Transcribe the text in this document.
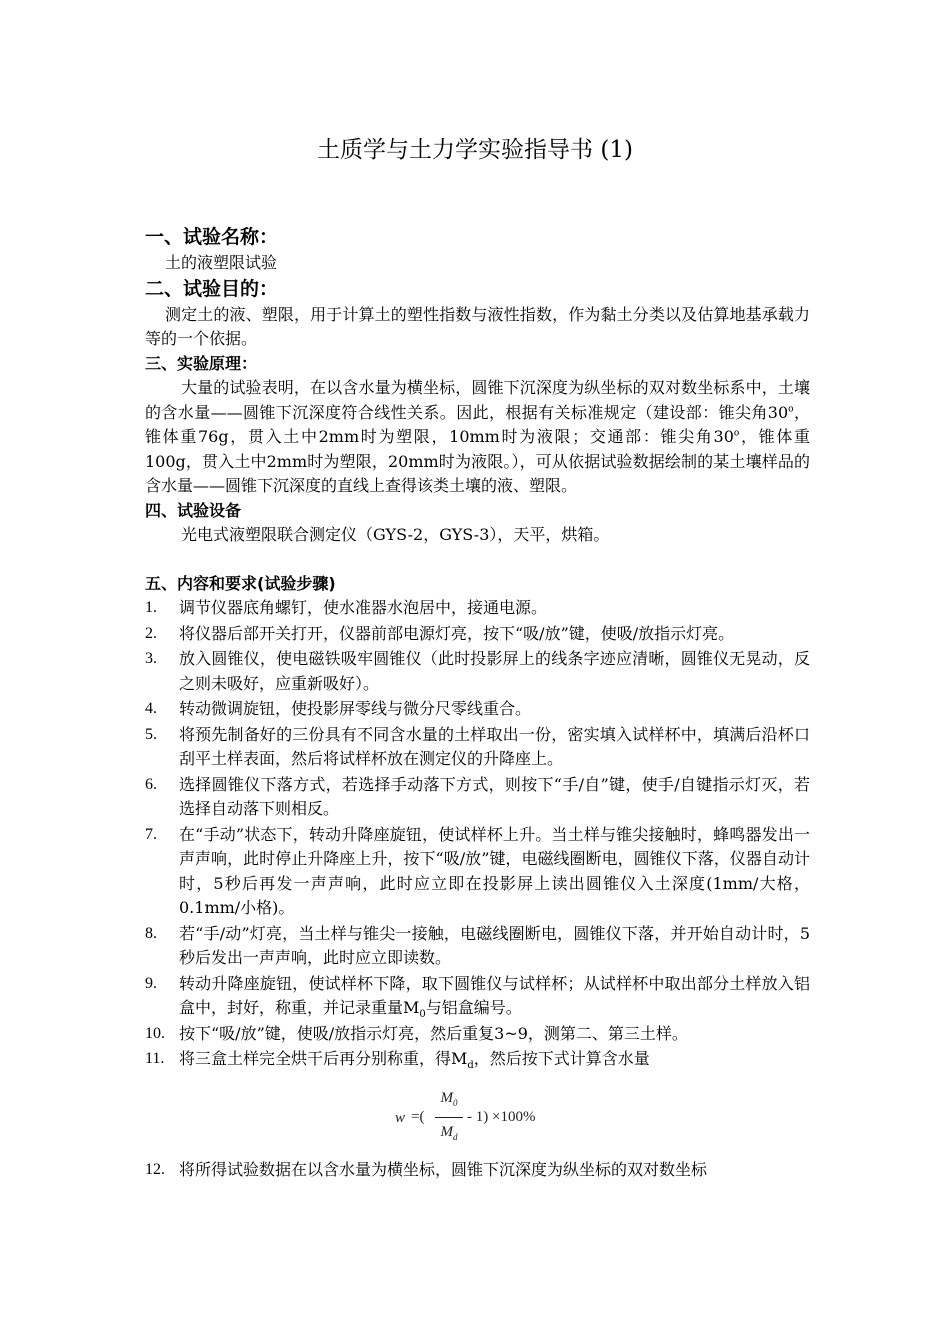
土质学与土力学实验指导书 (1)
一、试验名称：

土的液塑限试验

二、试验目的：

测定土的液、塑限，用于计算土的塑性指数与液性指数，作为黏土分类以及估算地基承载力等的一个依据。

三、实验原理：

大量的试验表明，在以含水量为横坐标，圆锥下沉深度为纵坐标的双对数坐标系中，土壤的含水量——圆锥下沉深度符合线性关系。因此，根据有关标准规定（建设部：锥尖角30$^o$，锥体重76g，贯入土中2mm时为塑限，10mm时为液限；交通部：锥尖角30$^o$，锥体重100g，贯入土中2mm时为塑限，20mm时为液限。），可从依据试验数据绘制的某土壤样品的含水量——圆锥下沉深度的直线上查得该类土壤的液、塑限。

四、试验设备

光电式液塑限联合测定仪（GYS-2，GYS-3），天平，烘箱。

五、内容和要求(试验步骤)
1. 调节仪器底角螺钉，使水准器水泡居中，接通电源。
2. 将仪器后部开关打开，仪器前部电源灯亮，按下“吸/放”键，使吸/放指示灯亮。
3. 放入圆锥仪，使电磁铁吸牢圆锥仪（此时投影屏上的线条字迹应清晰，圆锥仪无晃动，反之则未吸好，应重新吸好）。
4. 转动微调旋钮，使投影屏零线与微分尺零线重合。
5. 将预先制备好的三份具有不同含水量的土样取出一份，密实填入试样杯中，填满后沿杯口刮平土样表面，然后将试样杯放在测定仪的升降座上。
6. 选择圆锥仪下落方式，若选择手动落下方式，则按下“手/自”键，使手/自键指示灯灭，若选择自动落下则相反。
7. 在“手动”状态下，转动升降座旋钮，使试样杯上升。当土样与锥尖接触时，蜂鸣器发出一声声响，此时停止升降座上升，按下“吸/放”键，电磁线圈断电，圆锥仪下落，仪器自动计时，5秒后再发一声声响，此时应立即在投影屏上读出圆锥仪入土深度(1mm/大格，0.1mm/小格)。
8. 若“手/动”灯亮，当土样与锥尖一接触，电磁线圈断电，圆锥仪下落，并开始自动计时，5秒后发出一声声响，此时应立即读数。
9. 转动升降座旋钮，使试样杯下降，取下圆锥仪与试样杯；从试样杯中取出部分土样放入铝盒中，封好，称重，并记录重量$M_0$与铝盒编号。
10. 按下“吸/放”键，使吸/放指示灯亮，然后重复3~9，测第二、第三土样。
11. 将三盒土样完全烘干后再分别称重，得$M_d$，然后按下式计算含水量
w =(
$M_0$
$M_d$
- 1) ×100%
12. 将所得试验数据在以含水量为横坐标，圆锥下沉深度为纵坐标的双对数坐标
